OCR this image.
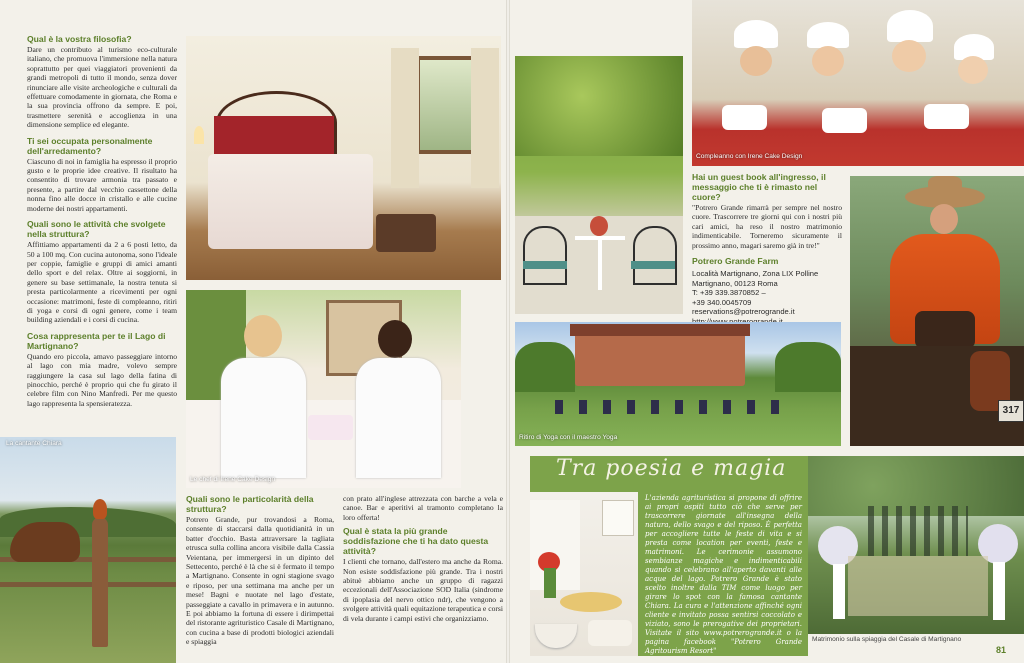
Qual è la vostra filosofia?
Dare un contributo al turismo eco-culturale italiano, che promuova l'immersione nella natura soprattutto per quei viaggiatori provenienti da grandi metropoli di tutto il mondo, senza dover rinunciare alle visite archeologiche e culturali da effettuare comodamente in giornata, che Roma e la sua provincia offrono da sempre. E poi, trasmettere serenità e accoglienza in una dimensione semplice ed elegante.
Ti sei occupata personalmente dell'arredamento?
Ciascuno di noi in famiglia ha espresso il proprio gusto e le proprie idee creative. Il risultato ha consentito di trovare armonia tra passato e presente, a partire dal vecchio cassettone della nonna fino alle docce in cristallo e alle cucine moderne dei nostri appartamenti.
Quali sono le attività che svolgete nella struttura?
Affittiamo appartamenti da 2 a 6 posti letto, da 50 a 100 mq. Con cucina autonoma, sono l'ideale per coppie, famiglie e gruppi di amici amanti dello sport e del relax. Oltre ai soggiorni, in genere su base settimanale, la nostra tenuta si presta particolarmente a ricevimenti per ogni occasione: matrimoni, feste di compleanno, ritiri di yoga e corsi di ogni genere, come i team building aziendali e i corsi di cucina.
Cosa rappresenta per te il Lago di Martignano?
Quando ero piccola, amavo passeggiare intorno al lago con mia madre, volevo sempre raggiungere la casa sul lago della fatina di pinocchio, perché è proprio qui che fu girato il celebre film con Nino Manfredi. Per me questo lago rappresenta la spensieratezza.
La cantante Chiara
Le chef di Irene Cake Design
Quali sono le particolarità della struttura?
Potrero Grande, pur trovandosi a Roma, consente di staccarsi dalla quotidianità in un batter d'occhio. Basta attraversare la tagliata etrusca sulla collina ancora visibile dalla Cassia Veientana, per immergersi in un dipinto del Settecento, perché è là che si è fermato il tempo a Martignano. Consente in ogni stagione svago e riposo, per una settimana ma anche per un mese! Bagni e nuotate nel lago d'estate, passeggiate a cavallo in primavera e in autunno. E poi abbiamo la fortuna di essere i dirimpettai del ristorante agrituristico Casale di Martignano, con cucina a base di prodotti biologici aziendali e spiaggia
con prato all'inglese attrezzata con barche a vela e canoe. Bar e aperitivi al tramonto completano la loro offerta!
Qual è stata la più grande soddisfazione che ti ha dato questa attività?
I clienti che tornano, dall'estero ma anche da Roma. Non esiste soddisfazione più grande. Tra i nostri abituè abbiamo anche un gruppo di ragazzi eccezionali dell'Associazione SOD Italia (sindrome di ipoplasia del nervo ottico ndr), che vengono a svolgere attività quali equitazione terapeutica e corsi di vela durante i campi estivi che organizziamo.
Compleanno con Irene Cake Design
Hai un guest book all'ingresso, il messaggio che ti è rimasto nel cuore?
"Potrero Grande rimarrà per sempre nel nostro cuore. Trascorrere tre giorni qui con i nostri più cari amici, ha reso il nostro matrimonio indimenticabile. Torneremo sicuramente il prossimo anno, magari saremo già in tre!"
Potrero Grande Farm
Località Martignano, Zona LIX Polline
Martignano, 00123 Roma
T: +39 339.3870852 –
+39 340.0045709
reservations@potrerogrande.it
317
Ritiro di Yoga con il maestro Yoga
Tra poesia e magia
L'azienda agrituristica si propone di offrire ai propri ospiti tutto ciò che serve per trascorrere giornate all'insegna della natura, dello svago e del riposo. È perfetta per accogliere tutte le feste di vita e si presta come location per eventi, feste e matrimoni. Le cerimonie assumono sembianze magiche e indimenticabili quando si celebrano all'aperto davanti alle acque del lago. Potrero Grande è stato scelto inoltre dalla TIM come luogo per girare lo spot con la famosa cantante Chiara. La cura e l'attenzione affinché ogni cliente e invitato possa sentirsi coccolato e viziato, sono le prerogative dei proprietari. Visitate il sito www.potrerogrande.it o la pagina facebook "Potrero Grande Agritourism Resort"
Matrimonio sulla spiaggia del Casale di Martignano
81
